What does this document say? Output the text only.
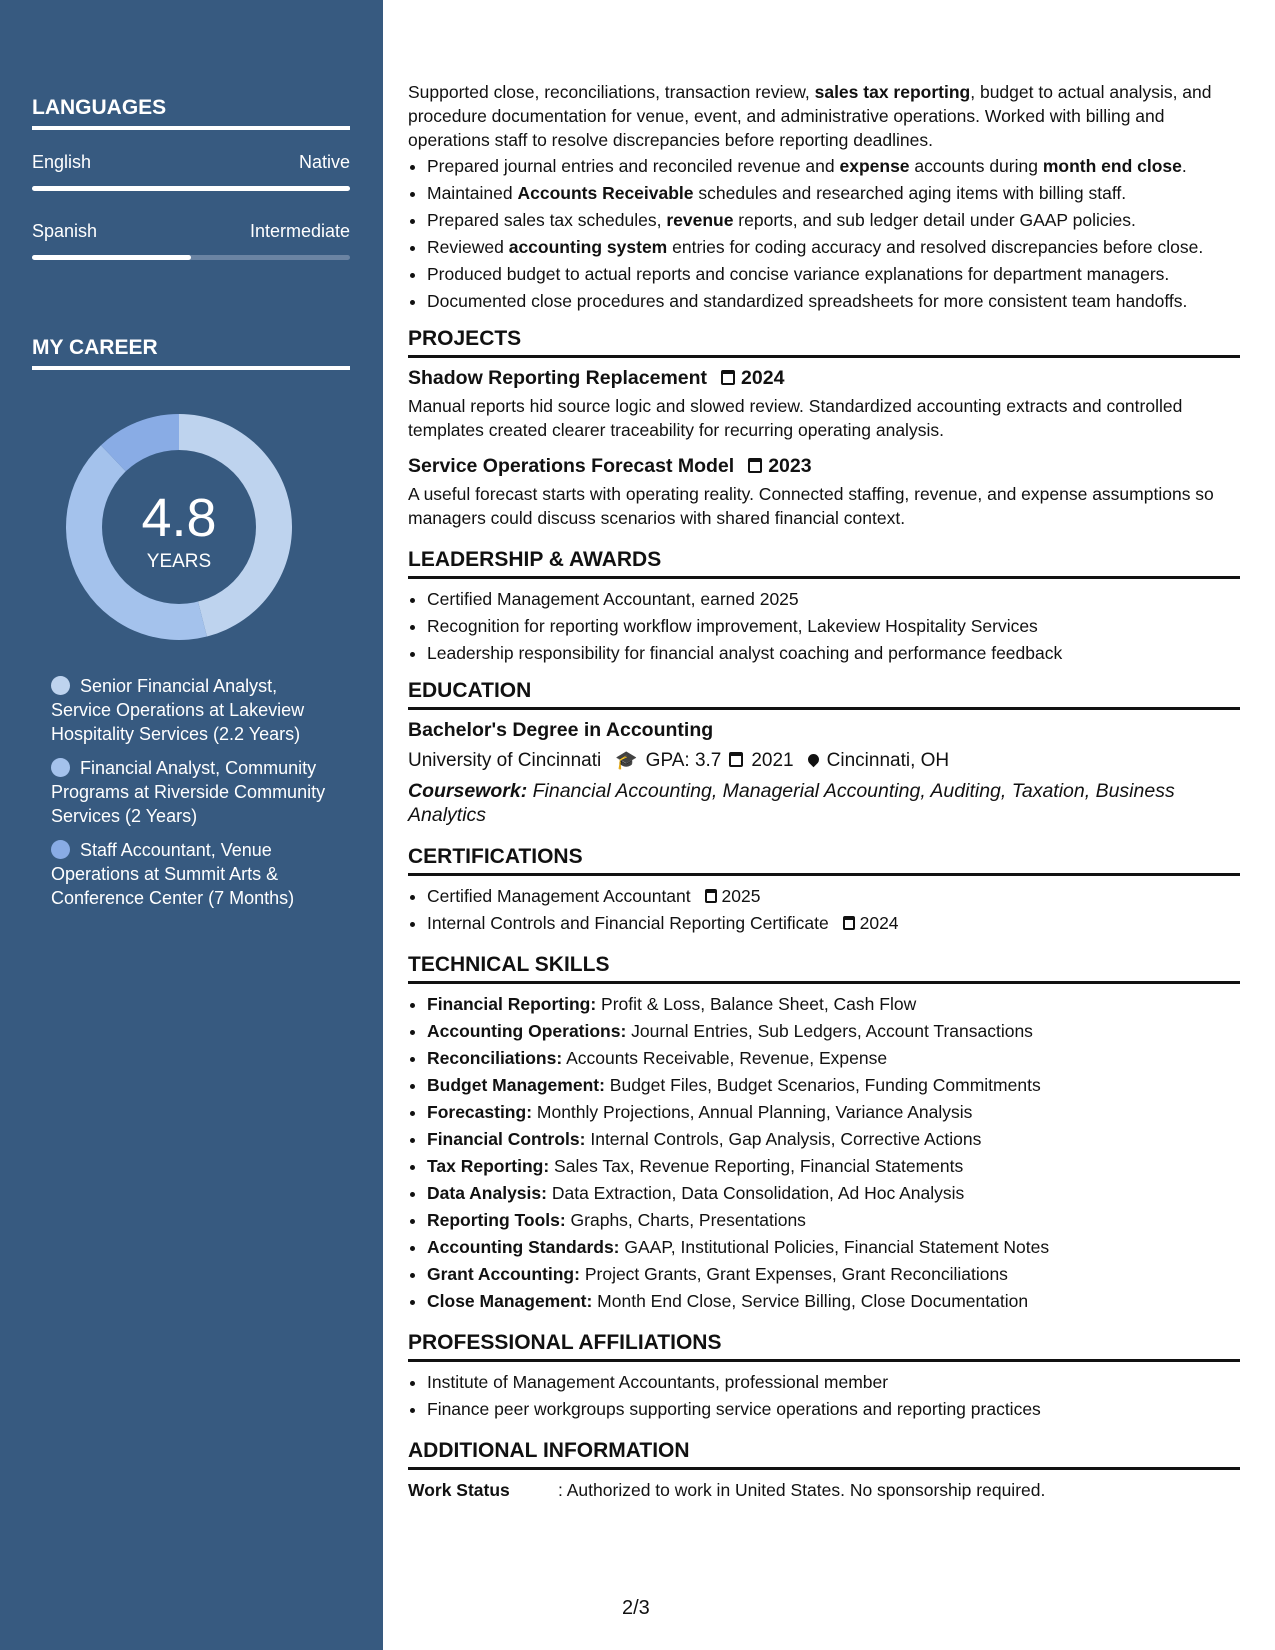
LANGUAGES
English	Native
Spanish	Intermediate
MY CAREER
4.8
YEARS
Senior Financial Analyst, Service Operations at Lakeview Hospitality Services (2.2 Years)
Financial Analyst, Community Programs at Riverside Community Services (2 Years)
Staff Accountant, Venue Operations at Summit Arts & Conference Center (7 Months)

Supported close, reconciliations, transaction review, sales tax reporting, budget to actual analysis, and procedure documentation for venue, event, and administrative operations. Worked with billing and operations staff to resolve discrepancies before reporting deadlines.

• Prepared journal entries and reconciled revenue and expense accounts during month end close.
• Maintained Accounts Receivable schedules and researched aging items with billing staff.
• Prepared sales tax schedules, revenue reports, and sub ledger detail under GAAP policies.
• Reviewed accounting system entries for coding accuracy and resolved discrepancies before close.
• Produced budget to actual reports and concise variance explanations for department managers.
• Documented close procedures and standardized spreadsheets for more consistent team handoffs.
PROJECTS
Shadow Reporting Replacement 2024

Manual reports hid source logic and slowed review. Standardized accounting extracts and controlled templates created clearer traceability for recurring operating analysis.

Service Operations Forecast Model 2023

A useful forecast starts with operating reality. Connected staffing, revenue, and expense assumptions so managers could discuss scenarios with shared financial context.

LEADERSHIP & AWARDS
• Certified Management Accountant, earned 2025
• Recognition for reporting workflow improvement, Lakeview Hospitality Services
• Leadership responsibility for financial analyst coaching and performance feedback
EDUCATION
Bachelor's Degree in Accounting
University of Cincinnati 🎓 GPA: 3.7 2021 Cincinnati, OH
Coursework: Financial Accounting, Managerial Accounting, Auditing, Taxation, Business Analytics
CERTIFICATIONS
• Certified Management Accountant 2025
• Internal Controls and Financial Reporting Certificate 2024
TECHNICAL SKILLS
• Financial Reporting: Profit & Loss, Balance Sheet, Cash Flow
• Accounting Operations: Journal Entries, Sub Ledgers, Account Transactions
• Reconciliations: Accounts Receivable, Revenue, Expense
• Budget Management: Budget Files, Budget Scenarios, Funding Commitments
• Forecasting: Monthly Projections, Annual Planning, Variance Analysis
• Financial Controls: Internal Controls, Gap Analysis, Corrective Actions
• Tax Reporting: Sales Tax, Revenue Reporting, Financial Statements
• Data Analysis: Data Extraction, Data Consolidation, Ad Hoc Analysis
• Reporting Tools: Graphs, Charts, Presentations
• Accounting Standards: GAAP, Institutional Policies, Financial Statement Notes
• Grant Accounting: Project Grants, Grant Expenses, Grant Reconciliations
• Close Management: Month End Close, Service Billing, Close Documentation
PROFESSIONAL AFFILIATIONS
• Institute of Management Accountants, professional member
• Finance peer workgroups supporting service operations and reporting practices
ADDITIONAL INFORMATION
Work Status	: Authorized to work in United States. No sponsorship required.
2/3
